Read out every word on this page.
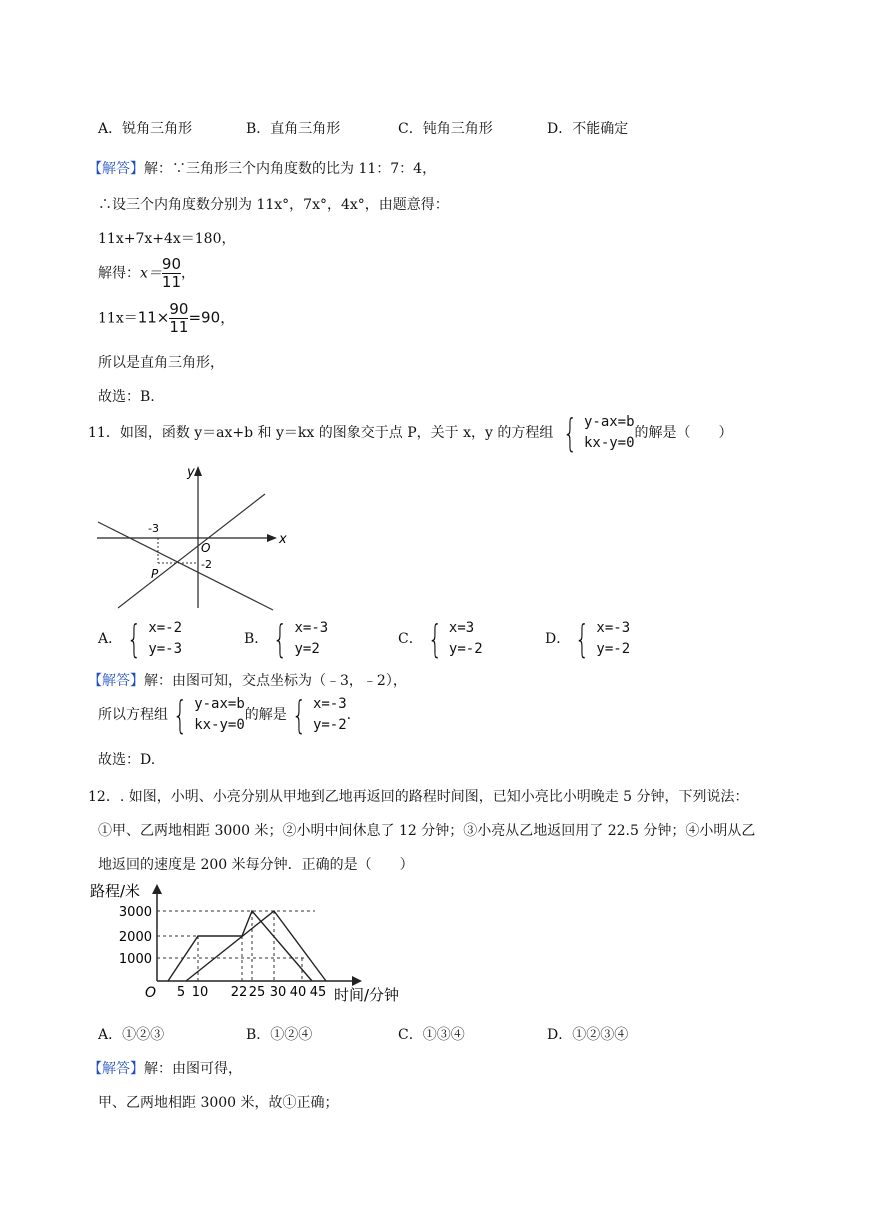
A．锐角三角形	B．直角三角形	C．钝角三角形	D．不能确定
【解答】解：∵三角形三个内角度数的比为 11：7：4，
∴设三个内角度数分别为 11x°，7x°，4x°，由题意得：
11x+7x+4x＝180，
解得：$x= \frac{90}{11}$ ，
$11x=11\times \frac{90}{11} =90$，
所以是直角三角形，
故选：B.
11．如图，函数 y＝ax+b 和 y＝kx 的图象交于点 P，关于 x，y 的方程组 { y-ax=b
kx-y=0
的解是（　　）
y
x
O
P
-3
-2
A． { x=-2
y=-3
B． { x=-3
y=2
C． { x=3
y=-2
D． { x=-3
y=-2
【解答】解：由图可知，交点坐标为（﹣3，﹣2），
所以方程组 { y-ax=b
kx-y=0
的解是 { x=-3
y=-2
.
故选：D.
12．. 如图，小明、小亮分别从甲地到乙地再返回的路程时间图，已知小亮比小明晚走 5 分钟，下列说法：
①甲、乙两地相距 3000 米；②小明中间休息了 12 分钟；③小亮从乙地返回用了 22.5 分钟；④小明从乙
地返回的速度是 200 米每分钟．正确的是（　　）
路程/米
3000
2000
1000
O 5 10 22 25 30 40 45 时间/分钟
A．①②③	B．①②④	C．①③④	D．①②③④
【解答】解：由图可得，
甲、乙两地相距 3000 米，故①正确；
